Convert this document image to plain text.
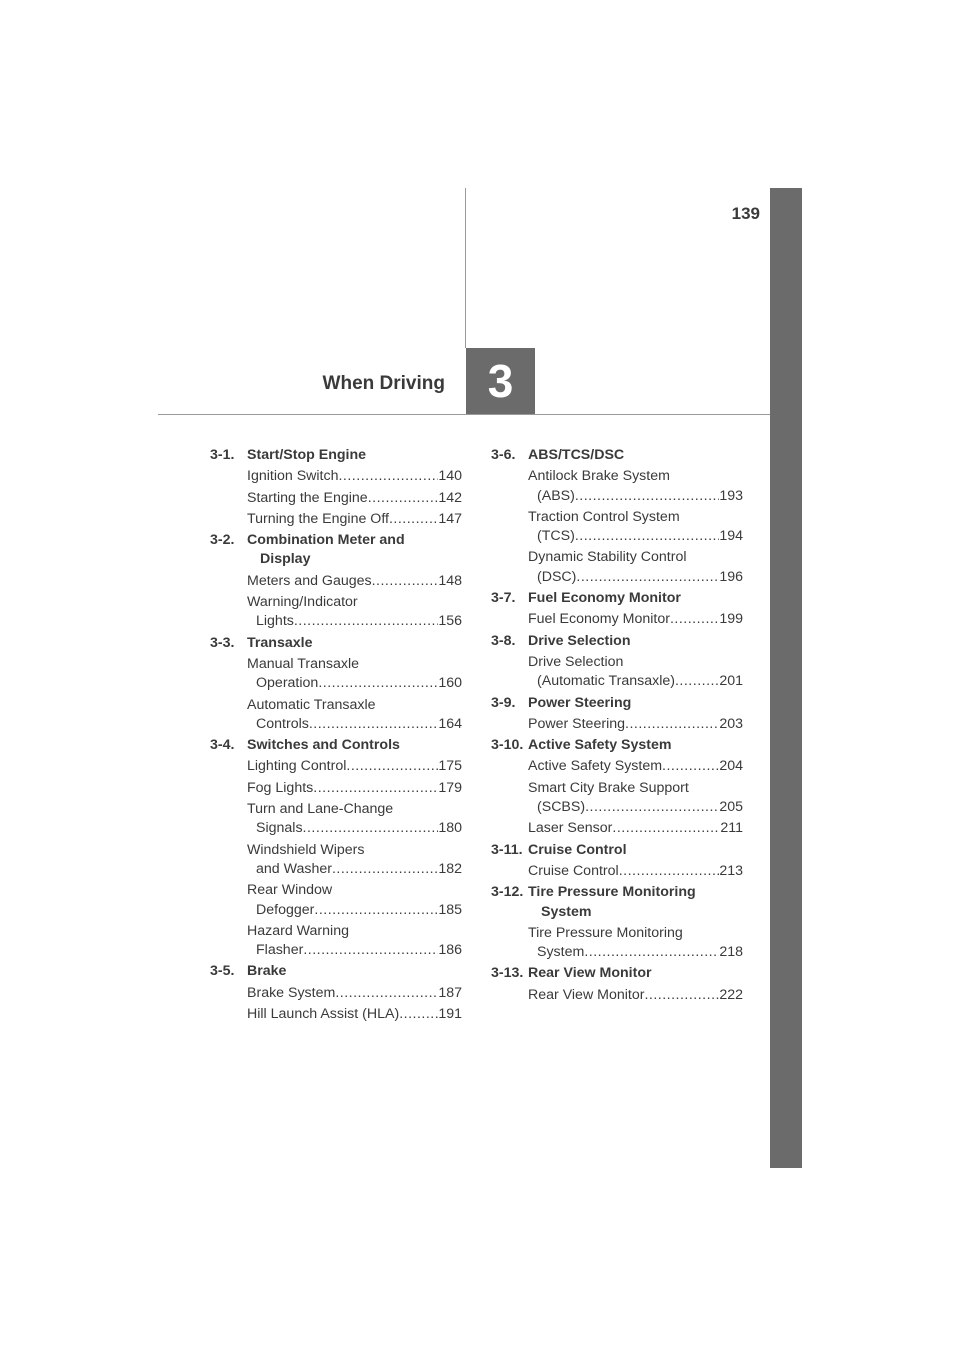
139
When Driving 3
3-1. Start/Stop Engine
Ignition Switch .....	140
Starting the Engine .....	142
Turning the Engine Off .....	147
3-2. Combination Meter and
Display
Meters and Gauges .....	148
Warning/Indicator
Lights .....	156
3-3. Transaxle
Manual Transaxle
Operation .....	160
Automatic Transaxle
Controls .....	164
3-4. Switches and Controls
Lighting Control .....	175
Fog Lights .....	179
Turn and Lane-Change
Signals .....	180
Windshield Wipers
and Washer .....	182
Rear Window
Defogger .....	185
Hazard Warning
Flasher .....	186
3-5. Brake
Brake System .....	187
Hill Launch Assist (HLA) .....	191
3-6. ABS/TCS/DSC
Antilock Brake System
(ABS) .....	193
Traction Control System
(TCS) .....	194
Dynamic Stability Control
(DSC) .....	196
3-7. Fuel Economy Monitor
Fuel Economy Monitor .....	199
3-8. Drive Selection
Drive Selection
(Automatic Transaxle) .....	201
3-9. Power Steering
Power Steering .....	203
3-10. Active Safety System
Active Safety System .....	204
Smart City Brake Support
(SCBS) .....	205
Laser Sensor .....	211
3-11. Cruise Control
Cruise Control .....	213
3-12. Tire Pressure Monitoring
System
Tire Pressure Monitoring
System .....	218
3-13. Rear View Monitor
Rear View Monitor .....	222
